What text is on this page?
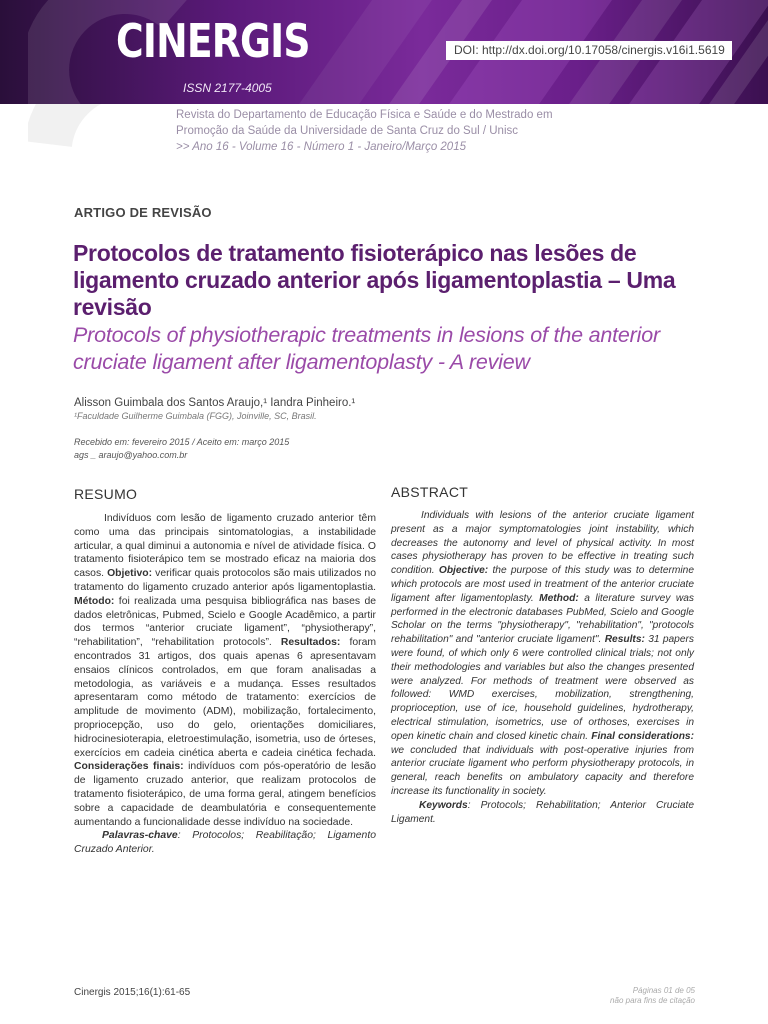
CINERGIS
ISSN 2177-4005
DOI: http://dx.doi.org/10.17058/cinergis.v16i1.5619
Revista do Departamento de Educação Física e Saúde e do Mestrado em
Promoção da Saúde da Universidade de Santa Cruz do Sul / Unisc
>> Ano 16 - Volume 16 - Número 1 - Janeiro/Março 2015
ARTIGO DE REVISÃO
Protocolos de tratamento fisioterápico nas lesões de ligamento cruzado anterior após ligamentoplastia – Uma revisão
Protocols of physiotherapic treatments in lesions of the anterior cruciate ligament after ligamentoplasty - A review
Alisson Guimbala dos Santos Araujo,¹ Iandra Pinheiro.¹
¹Faculdade Guilherme Guimbala (FGG), Joinville, SC, Brasil.
Recebido em: fevereiro 2015 / Aceito em: março 2015
ags _ araujo@yahoo.com.br
RESUMO	ABSTRACT
Indivíduos com lesão de ligamento cruzado anterior têm como uma das principais sintomatologias, a instabilidade articular, a qual diminui a autonomia e nível de atividade física. O tratamento fisioterápico tem se mostrado eficaz na maioria dos casos. Objetivo: verificar quais protocolos são mais utilizados no tratamento do ligamento cruzado anterior após ligamentoplastia. Método: foi realizada uma pesquisa bibliográfica nas bases de dados eletrônicas, Pubmed, Scielo e Google Acadêmico, a partir dos termos “anterior cruciate ligament”, “physiotherapy”, “rehabilitation”, “rehabilitation protocols”. Resultados: foram encontrados 31 artigos, dos quais apenas 6 apresentavam ensaios clínicos controlados, em que foram analisadas a metodologia, as variáveis e a mudança. Esses resultados apresentaram como método de tratamento: exercícios de amplitude de movimento (ADM), mobilização, fortalecimento, propriocepção, uso do gelo, orientações domiciliares, hidrocinesioterapia, eletroestimulação, isometria, uso de órteses, exercícios em cadeia cinética aberta e cadeia cinética fechada. Considerações finais: indivíduos com pós-operatório de lesão de ligamento cruzado anterior, que realizam protocolos de tratamento fisioterápico, de uma forma geral, atingem benefícios sobre a capacidade de deambulatória e consequentemente aumentando a funcionalidade desse indivíduo na sociedade.
Palavras-chave: Protocolos; Reabilitação; Ligamento Cruzado Anterior.
Individuals with lesions of the anterior cruciate ligament present as a major symptomatologies joint instability, which decreases the autonomy and level of physical activity. In most cases physiotherapy has proven to be effective in treating such condition. Objective: the purpose of this study was to determine which protocols are most used in treatment of the anterior cruciate ligament after ligamentoplasty. Method: a literature survey was performed in the electronic databases PubMed, Scielo and Google Scholar on the terms "physiotherapy", "rehabilitation", "protocols rehabilitation" and "anterior cruciate ligament". Results: 31 papers were found, of which only 6 were controlled clinical trials; not only their methodologies and variables but also the changes presented were analyzed. For methods of treatment were observed as followed: WMD exercises, mobilization, strengthening, proprioception, use of ice, household guidelines, hydrotherapy, electrical stimulation, isometrics, use of orthoses, exercises in open kinetic chain and closed kinetic chain. Final considerations: we concluded that individuals with post-operative injuries from anterior cruciate ligament who perform physiotherapy protocols, in general, reach benefits on ambulatory capacity and therefore increase its functionality in society.
Keywords: Protocols; Rehabilitation; Anterior Cruciate Ligament.
Cinergis 2015;16(1):61-65	Páginas 01 de 05
não para fins de citação
